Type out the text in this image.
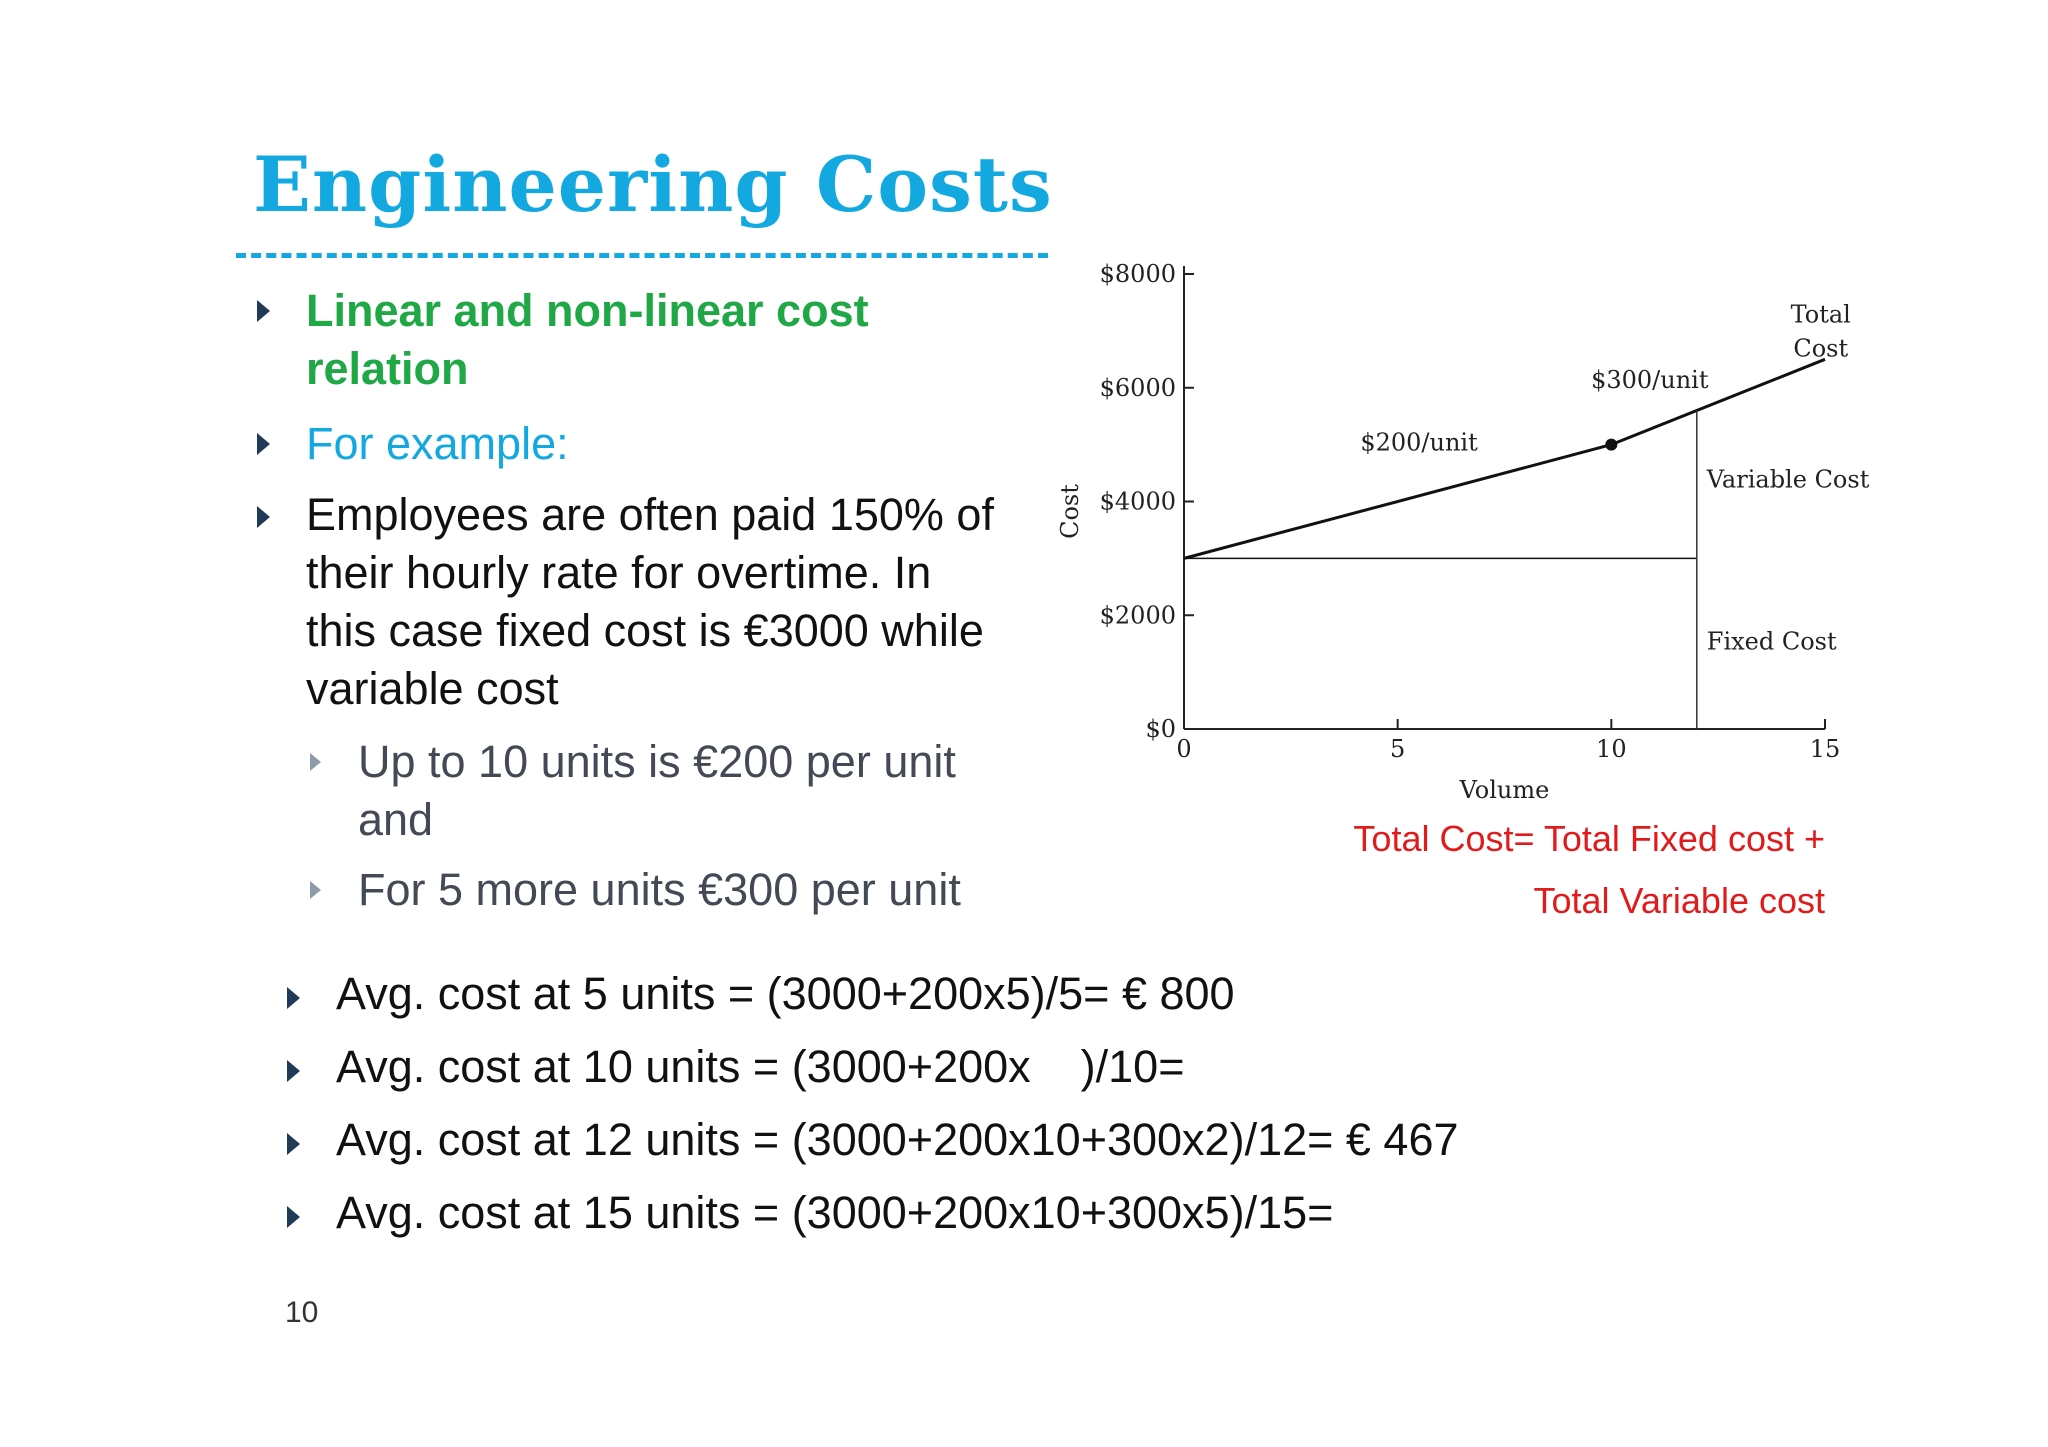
Engineering Costs
Linear and non-linear cost
relation
For example:
Employees are often paid 150% of
their hourly rate for overtime. In
this case fixed cost is €3000 while
variable cost
Up to 10 units is €200 per unit
and
For 5 more units €300 per unit
Avg. cost at 5 units = (3000+200x5)/5= € 800
Avg. cost at 10 units = (3000+200x    )/10=
Avg. cost at 12 units = (3000+200x10+300x2)/12= € 467
Avg. cost at 15 units = (3000+200x10+300x5)/15=
10
$0
$2000
$4000
$6000
$8000
0	5	10	15
Volume
Cost
$200/unit
$300/unit
Total
Cost
Variable Cost
Fixed Cost
Total Cost= Total Fixed cost +
Total Variable cost
